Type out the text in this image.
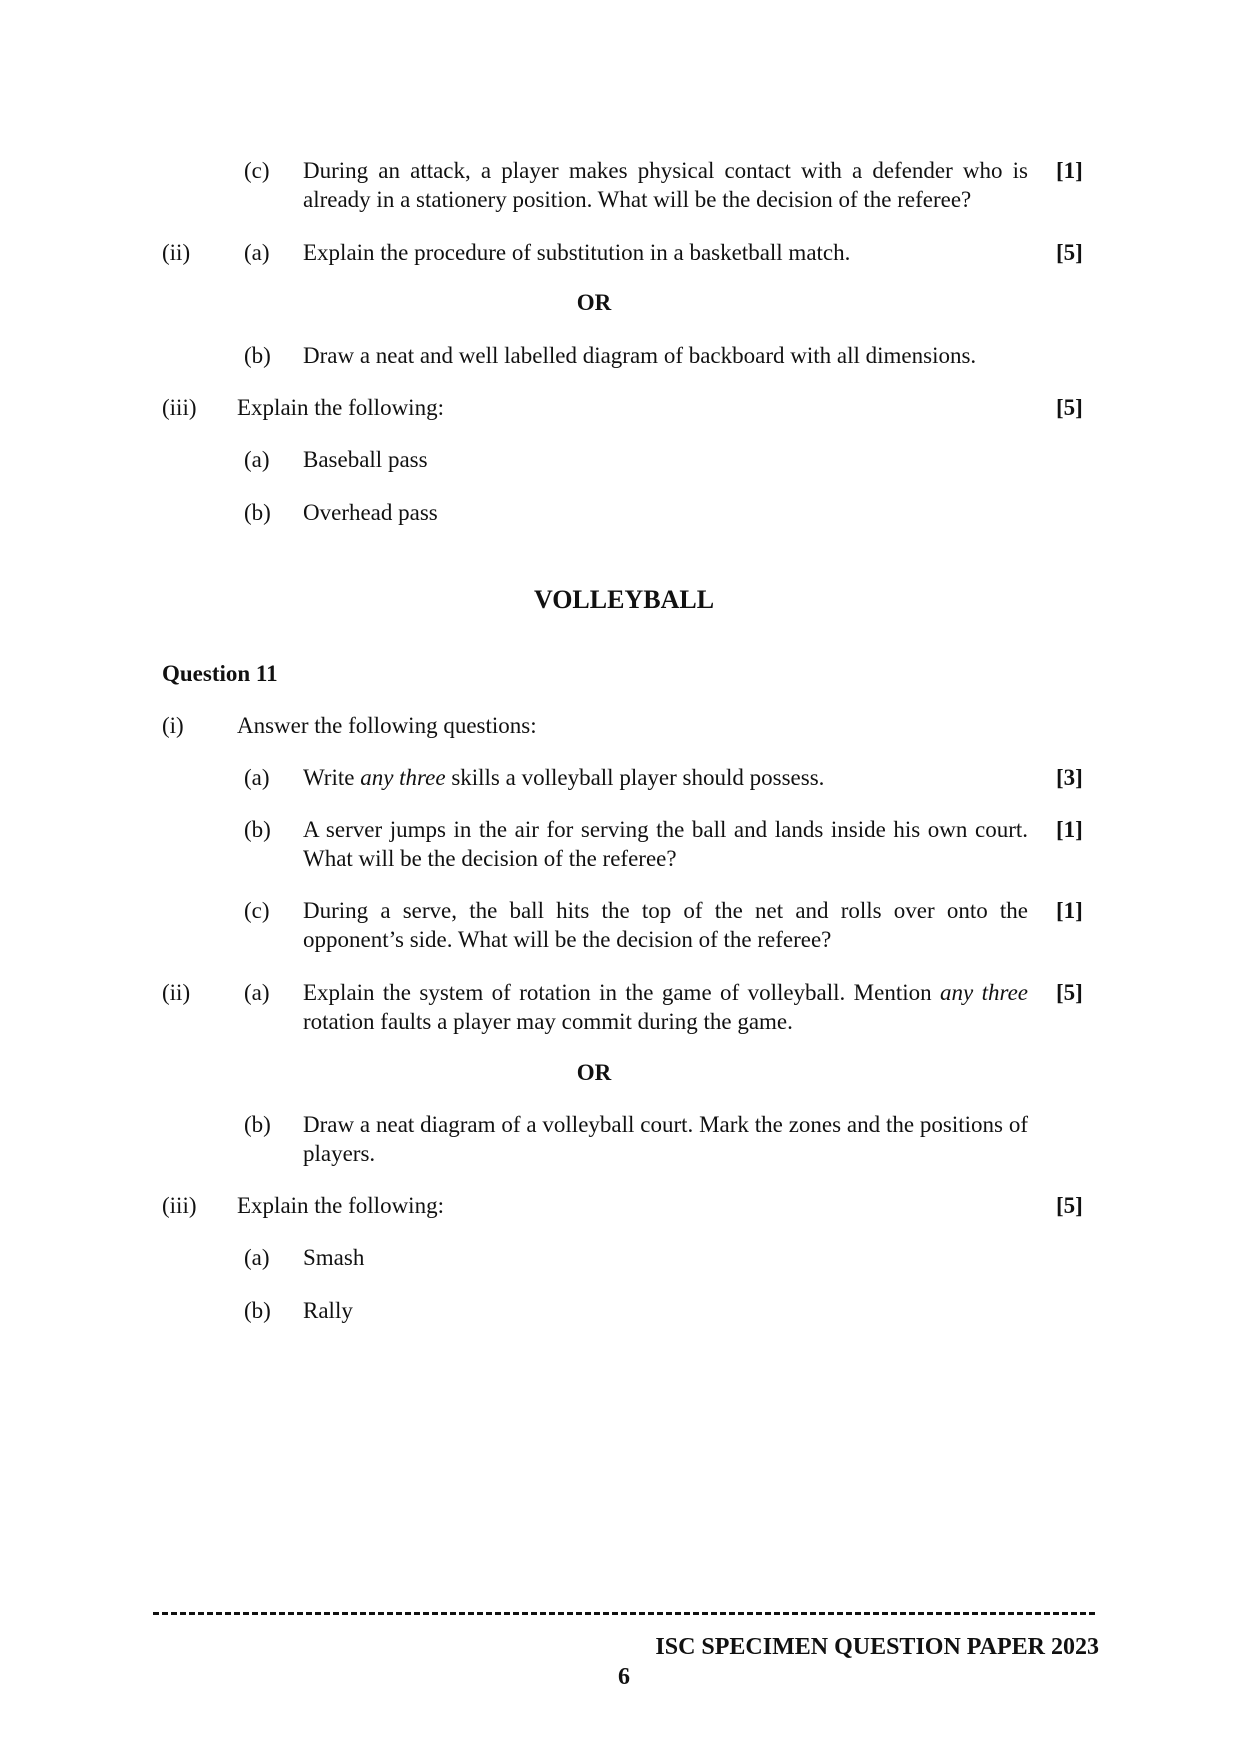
(c) During an attack, a player makes physical contact with a defender who is already in a stationery position. What will be the decision of the referee?
[1]
(ii) (a) Explain the procedure of substitution in a basketball match.	[5]
OR
(b) Draw a neat and well labelled diagram of backboard with all dimensions.
(iii) Explain the following:	[5]
(a) Baseball pass
(b) Overhead pass
VOLLEYBALL
Question 11
(i) Answer the following questions:
(a) Write any three skills a volleyball player should possess.	[3]
(b) A server jumps in the air for serving the ball and lands inside his own court. What will be the decision of the referee?
[1]
(c) During a serve, the ball hits the top of the net and rolls over onto the opponent’s side. What will be the decision of the referee?
[1]
(ii) (a) Explain the system of rotation in the game of volleyball. Mention any three rotation faults a player may commit during the game.
[5]
OR
(b) Draw a neat diagram of a volleyball court. Mark the zones and the positions of players.
(iii) Explain the following:	[5]
(a) Smash
(b) Rally
ISC SPECIMEN QUESTION PAPER 2023
6
